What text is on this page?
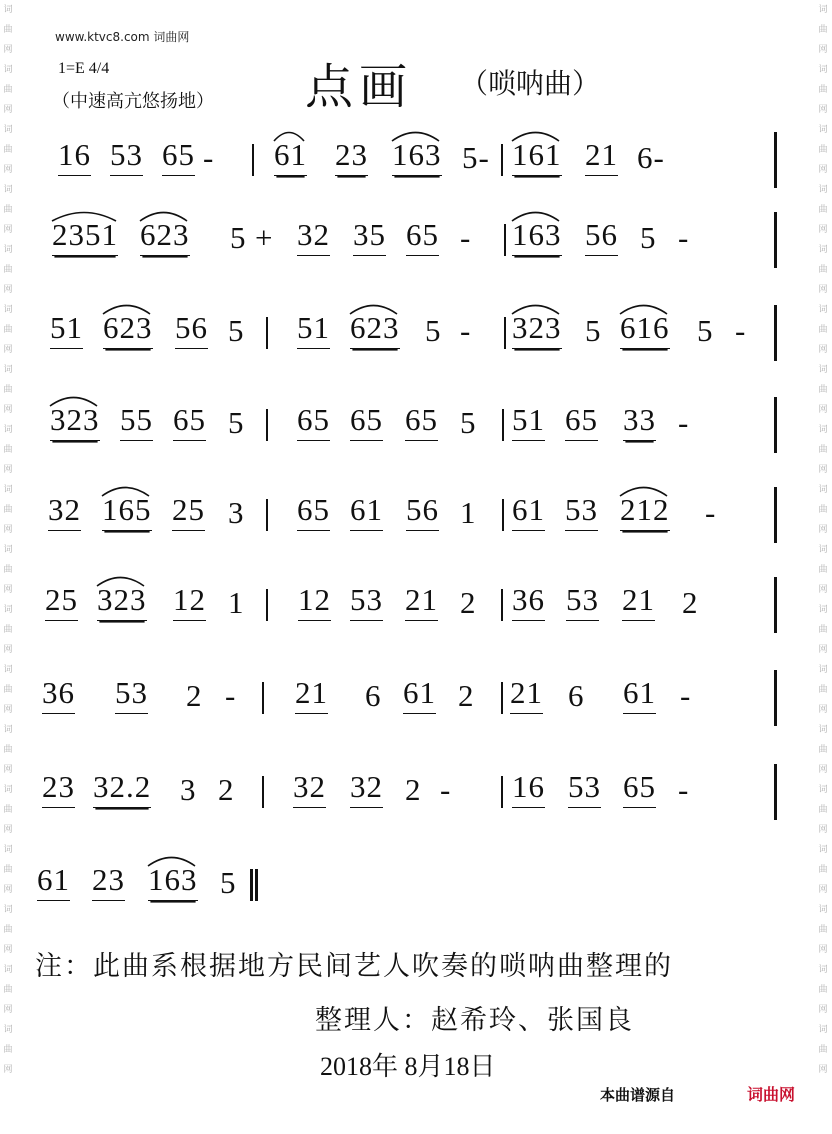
词曲网词曲网词曲网词曲网词曲网词曲网词曲网词曲网词曲网词曲网词曲网词曲网词曲网词曲网词曲网词曲网词曲网词曲网
词曲网词曲网词曲网词曲网词曲网词曲网词曲网词曲网词曲网词曲网词曲网词曲网词曲网词曲网词曲网词曲网词曲网词曲网
www.ktvc8.com 词曲网
1=E 4/4
（中速高亢悠扬地） 点画 （唢呐曲）
16 53 65 - 61 23 163 5- 161 21 6-
2351 623 5 + 32 35 65 - 163 56 5 -
51 623 56 5 51 623 5 - 323 5 616 5 -
323 55 65 5 65 65 65 5 51 65 33 -
32 165 25 3 65 61 56 1 61 53 212 -
25 323 12 1 12 53 21 2 36 53 21 2
36 53 2 - 21 6 61 2 21 6 61 -
23 32.2 3 2 32 32 2 - 16 53 65 -
61 23 163 5
注：此曲系根据地方民间艺人吹奏的唢呐曲整理的
整理人：赵希玲、张国良
2018年 8月18日
本曲谱源自	词曲网
